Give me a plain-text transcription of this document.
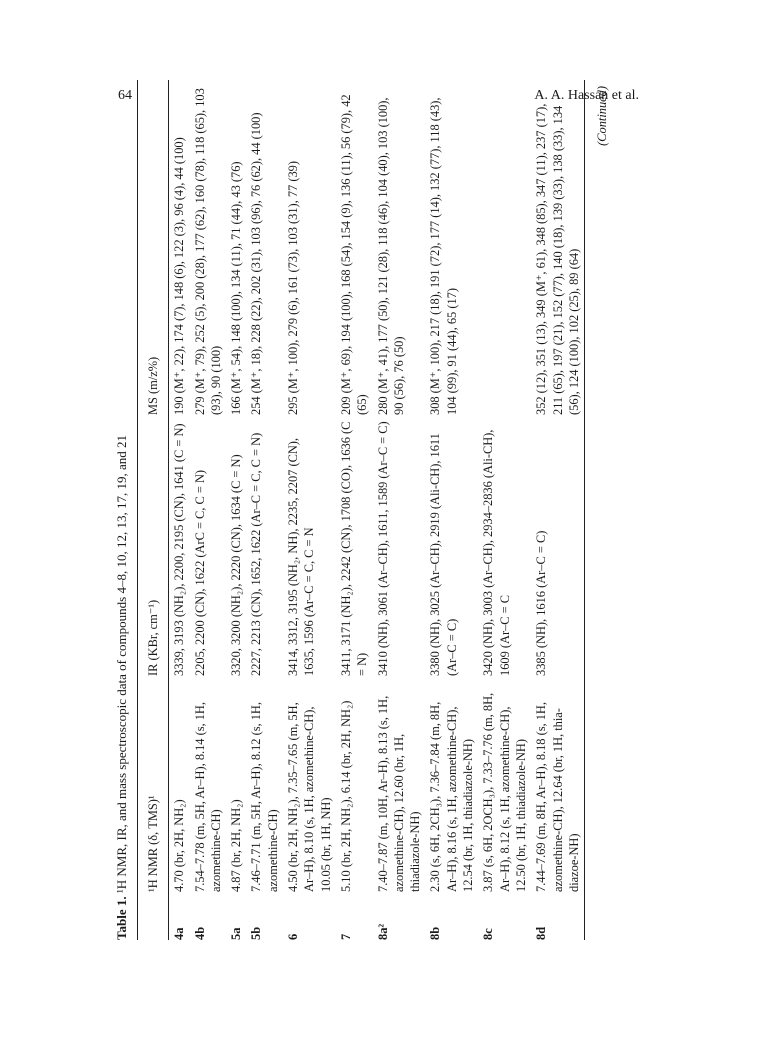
64	A. A. Hassan et al.

Table 1. ¹H NMR, IR, and mass spectroscopic data of compounds 4–8, 10, 12, 13, 17, 19, and 21

	¹H NMR (δ, TMS)¹	IR (KBr, cm⁻¹)	MS (m/z%)

4a	4.70 (br, 2H, NH₂)	3339, 3193 (NH₂), 2200, 2195 (CN), 1641 (C = N)	190 (M⁺, 22), 174 (7), 148 (6), 122 (3), 96 (4), 44 (100)
4b	7.54–7.78 (m, 5H, Ar–H), 8.14 (s, 1H, azomethine-CH)	2205, 2200 (CN), 1622 (ArC = C, C = N)	279 (M⁺, 79), 252 (5), 200 (28), 177 (62), 160 (78), 118 (65), 103 (93), 90 (100)
5a	4.87 (br, 2H, NH₂)	3320, 3200 (NH₂), 2220 (CN), 1634 (C = N)	166 (M⁺, 54), 148 (100), 134 (11), 71 (44), 43 (76)
5b	7.46–7.71 (m, 5H, Ar–H), 8.12 (s, 1H, azomethine-CH)	2227, 2213 (CN), 1652, 1622 (Ar–C = C, C = N)	254 (M⁺, 18), 228 (22), 202 (31), 103 (96), 76 (62), 44 (100)
6	4.50 (br, 2H, NH₂), 7.35–7.65 (m, 5H, Ar–H), 8.10 (s, 1H, azomethine-CH), 10.05 (br, 1H, NH)	3414, 3312, 3195 (NH₂, NH), 2235, 2207 (CN), 1635, 1596 (Ar–C = C, C = N	295 (M⁺, 100), 279 (6), 161 (73), 103 (31), 77 (39)
7	5.10 (br, 2H, NH₂), 6.14 (br, 2H, NH₂)	3411, 3171 (NH₂), 2242 (CN), 1708 (CO), 1636 (C = N)	209 (M⁺, 69), 194 (100), 168 (54), 154 (9), 136 (11), 56 (79), 42 (65)
8a²	7.40–7.87 (m, 10H, Ar–H), 8.13 (s, 1H, azomethine-CH), 12.60 (br, 1H, thiadiazole-NH)	3410 (NH), 3061 (Ar–CH), 1611, 1589 (Ar–C = C)	280 (M⁺, 41), 177 (50), 121 (28), 118 (46), 104 (40), 103 (100), 90 (56), 76 (50)
8b	2.30 (s, 6H, 2CH₃), 7.36–7.84 (m, 8H, Ar–H), 8.16 (s, 1H, azomethine-CH), 12.54 (br, 1H, thiadiazole-NH)	3380 (NH), 3025 (Ar–CH), 2919 (Ali-CH), 1611 (Ar–C = C)	308 (M⁺, 100), 217 (18), 191 (72), 177 (14), 132 (77), 118 (43), 104 (99), 91 (44), 65 (17)
8c	3.87 (s, 6H, 2OCH₃), 7.33–7.76 (m, 8H, Ar–H), 8.12 (s, 1H, azomethine-CH), 12.50 (br, 1H, thiadiazole-NH)	3420 (NH), 3003 (Ar–CH), 2934–2836 (Ali-CH), 1609 (Ar–C = C	
8d	7.44–7.69 (m, 8H, Ar–H), 8.18 (s, 1H, azomethine-CH), 12.64 (br, 1H, thia-diazoe-NH)	3385 (NH), 1616 (Ar–C = C)	352 (12), 351 (13), 349 (M⁺, 61), 348 (85), 347 (11), 237 (17), 211 (65), 197 (21), 152 (77), 140 (18), 139 (33), 138 (33), 134 (56), 124 (100), 102 (25), 89 (64)
(Continued)
